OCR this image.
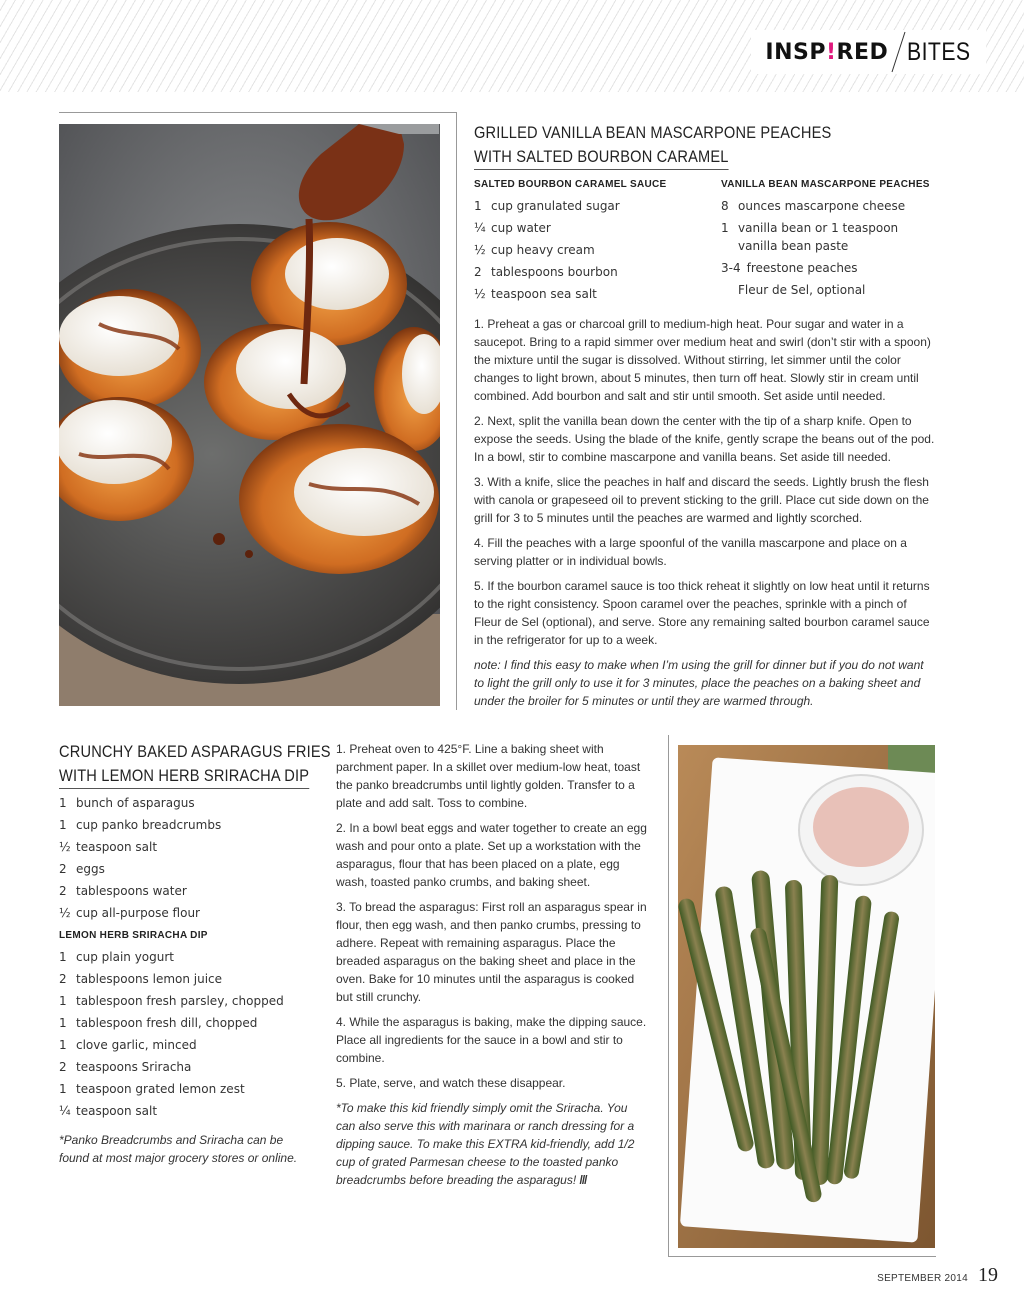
INSP!RED BITES
GRILLED VANILLA BEAN MASCARPONE PEACHES
WITH SALTED BOURBON CARAMEL
SALTED BOURBON CARAMEL SAUCE
1 cup granulated sugar
¼ cup water
½ cup heavy cream
2 tablespoons bourbon
½ teaspoon sea salt
VANILLA BEAN MASCARPONE PEACHES
8 ounces mascarpone cheese
1 vanilla bean or 1 teaspoon vanilla bean paste
3-4 freestone peaches
Fleur de Sel, optional

1. Preheat a gas or charcoal grill to medium-high heat. Pour sugar and water in a saucepot. Bring to a rapid simmer over medium heat and swirl (don’t stir with a spoon) the mixture until the sugar is dissolved. Without stirring, let simmer until the color changes to light brown, about 5 minutes, then turn off heat. Slowly stir in cream until combined. Add bourbon and salt and stir until smooth. Set aside until needed.

2. Next, split the vanilla bean down the center with the tip of a sharp knife. Open to expose the seeds. Using the blade of the knife, gently scrape the beans out of the pod. In a bowl, stir to combine mascarpone and vanilla beans. Set aside till needed.

3. With a knife, slice the peaches in half and discard the seeds. Lightly brush the flesh with canola or grapeseed oil to prevent sticking to the grill. Place cut side down on the grill for 3 to 5 minutes until the peaches are warmed and lightly scorched.

4. Fill the peaches with a large spoonful of the vanilla mascarpone and place on a serving platter or in individual bowls.

5. If the bourbon caramel sauce is too thick reheat it slightly on low heat until it returns to the right consistency. Spoon caramel over the peaches, sprinkle with a pinch of Fleur de Sel (optional), and serve. Store any remaining salted bourbon caramel sauce in the refrigerator for up to a week.

note: I find this easy to make when I’m using the grill for dinner but if you do not want to light the grill only to use it for 3 minutes, place the peaches on a baking sheet and under the broiler for 5 minutes or until they are warmed through.

CRUNCHY BAKED ASPARAGUS FRIES
WITH LEMON HERB SRIRACHA DIP
1 bunch of asparagus
1 cup panko breadcrumbs
½ teaspoon salt
2 eggs
2 tablespoons water
½ cup all-purpose flour
LEMON HERB SRIRACHA DIP
1 cup plain yogurt
2 tablespoons lemon juice
1 tablespoon fresh parsley, chopped
1 tablespoon fresh dill, chopped
1 clove garlic, minced
2 teaspoons Sriracha
1 teaspoon grated lemon zest
¼ teaspoon salt
*Panko Breadcrumbs and Sriracha can be found at most major grocery stores or online.

1. Preheat oven to 425°F. Line a baking sheet with parchment paper. In a skillet over medium-low heat, toast the panko breadcrumbs until lightly golden. Transfer to a plate and add salt. Toss to combine.

2. In a bowl beat eggs and water together to create an egg wash and pour onto a plate. Set up a workstation with the asparagus, flour that has been placed on a plate, egg wash, toasted panko crumbs, and baking sheet.

3. To bread the asparagus: First roll an asparagus spear in flour, then egg wash, and then panko crumbs, pressing to adhere. Repeat with remaining asparagus. Place the breaded asparagus on the baking sheet and place in the oven. Bake for 10 minutes until the asparagus is cooked but still crunchy.

4. While the asparagus is baking, make the dipping sauce. Place all ingredients for the sauce in a bowl and stir to combine.

5. Plate, serve, and watch these disappear.

*To make this kid friendly simply omit the Sriracha. You can also serve this with marinara or ranch dressing for a dipping sauce. To make this EXTRA kid-friendly, add 1/2 cup of grated Parmesan cheese to the toasted panko breadcrumbs before breading the asparagus! ///

SEPTEMBER 2014 19
